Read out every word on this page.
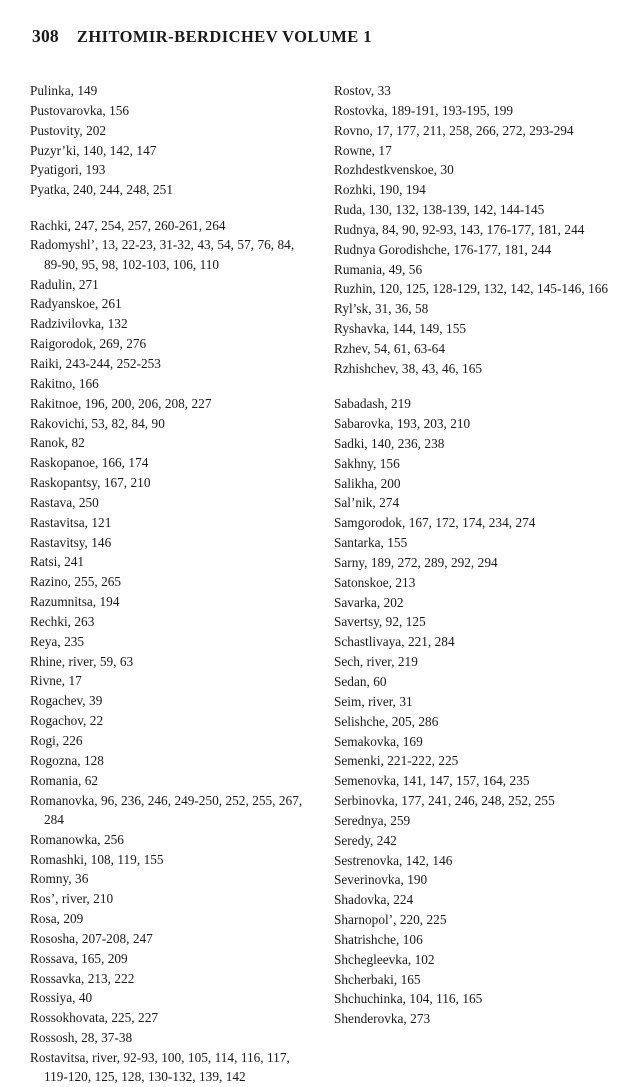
308 ZHITOMIR-BERDICHEV VOLUME 1

Pulinka, 149

Pustovarovka, 156

Pustovity, 202

Puzyr’ki, 140, 142, 147

Pyatigori, 193

Pyatka, 240, 244, 248, 251

Rachki, 247, 254, 257, 260-261, 264

Radomyshl’, 13, 22-23, 31-32, 43, 54, 57, 76, 84, 89-90, 95, 98, 102-103, 106, 110

Radulin, 271

Radyanskoe, 261

Radzivilovka, 132

Raigorodok, 269, 276

Raiki, 243-244, 252-253

Rakitno, 166

Rakitnoe, 196, 200, 206, 208, 227

Rakovichi, 53, 82, 84, 90

Ranok, 82

Raskopanoe, 166, 174

Raskopantsy, 167, 210

Rastava, 250

Rastavitsa, 121

Rastavitsy, 146

Ratsi, 241

Razino, 255, 265

Razumnitsa, 194

Rechki, 263

Reya, 235

Rhine, river, 59, 63

Rivne, 17

Rogachev, 39

Rogachov, 22

Rogi, 226

Rogozna, 128

Romania, 62

Romanovka, 96, 236, 246, 249-250, 252, 255, 267, 284

Romanowka, 256

Romashki, 108, 119, 155

Romny, 36

Ros’, river, 210

Rosa, 209

Rososha, 207-208, 247

Rossava, 165, 209

Rossavka, 213, 222

Rossiya, 40

Rossokhovata, 225, 227

Rossosh, 28, 37-38

Rostavitsa, river, 92-93, 100, 105, 114, 116, 117, 119-120, 125, 128, 130-132, 139, 142

Rostov, 33

Rostovka, 189-191, 193-195, 199

Rovno, 17, 177, 211, 258, 266, 272, 293-294

Rowne, 17

Rozhdestkvenskoe, 30

Rozhki, 190, 194

Ruda, 130, 132, 138-139, 142, 144-145

Rudnya, 84, 90, 92-93, 143, 176-177, 181, 244

Rudnya Gorodishche, 176-177, 181, 244

Rumania, 49, 56

Ruzhin, 120, 125, 128-129, 132, 142, 145-146, 166

Ryl’sk, 31, 36, 58

Ryshavka, 144, 149, 155

Rzhev, 54, 61, 63-64

Rzhishchev, 38, 43, 46, 165

Sabadash, 219

Sabarovka, 193, 203, 210

Sadki, 140, 236, 238

Sakhny, 156

Salikha, 200

Sal’nik, 274

Samgorodok, 167, 172, 174, 234, 274

Santarka, 155

Sarny, 189, 272, 289, 292, 294

Satonskoe, 213

Savarka, 202

Savertsy, 92, 125

Schastlivaya, 221, 284

Sech, river, 219

Sedan, 60

Seim, river, 31

Selishche, 205, 286

Semakovka, 169

Semenki, 221-222, 225

Semenovka, 141, 147, 157, 164, 235

Serbinovka, 177, 241, 246, 248, 252, 255

Serednya, 259

Seredy, 242

Sestrenovka, 142, 146

Severinovka, 190

Shadovka, 224

Sharnopol’, 220, 225

Shatrishche, 106

Shchegleevka, 102

Shcherbaki, 165

Shchuchinka, 104, 116, 165

Shenderovka, 273
